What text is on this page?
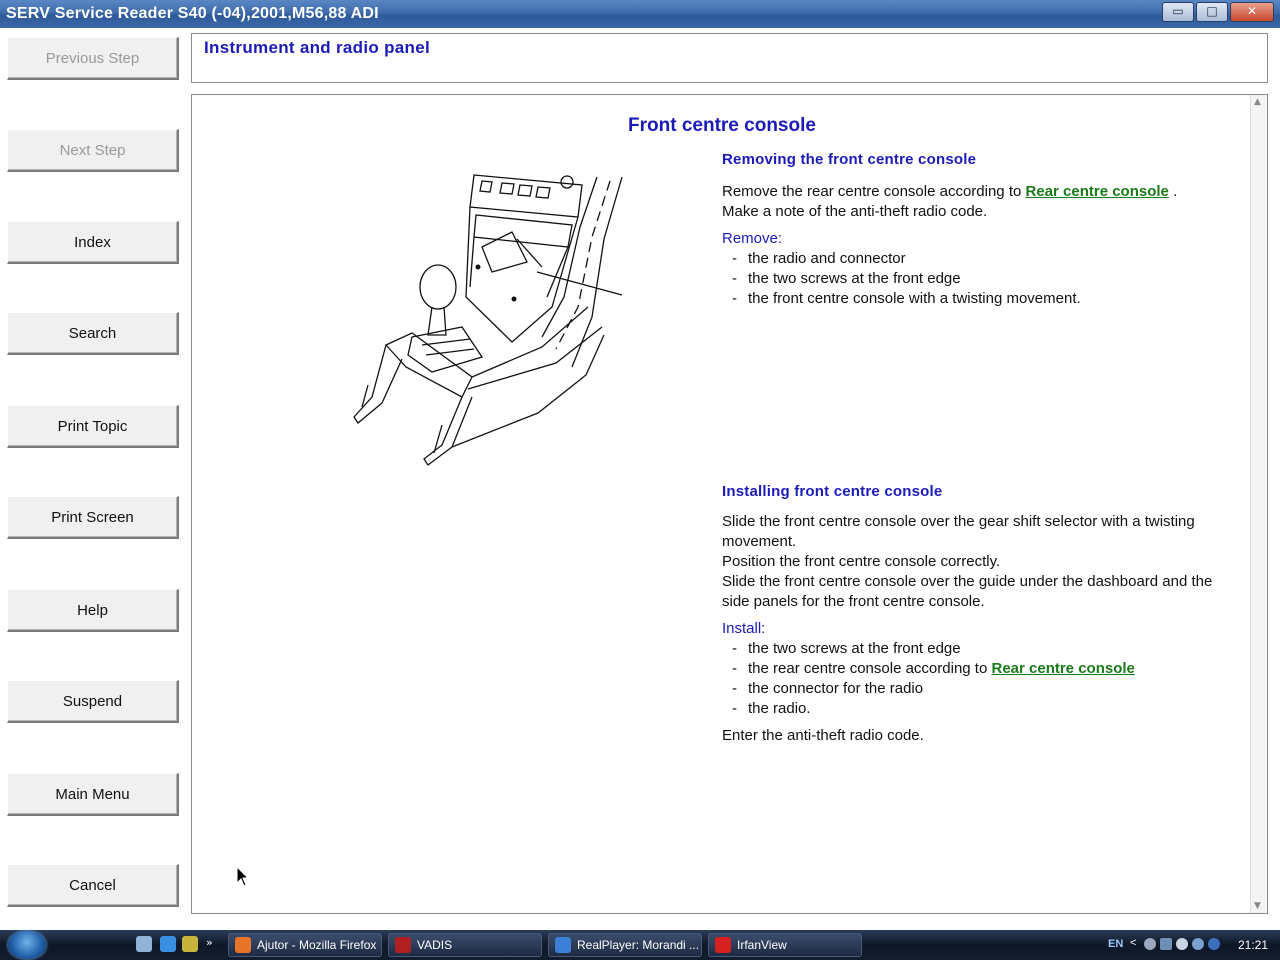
SERV Service Reader S40 (-04),2001,M56,88 ADI	▭	□	✕
Previous Step
Next Step
Index
Search
Print Topic
Print Screen
Help
Suspend
Main Menu
Cancel
Instrument and radio panel
Front centre console
Removing the front centre console
Remove the rear centre console according to Rear centre console .
Make a note of the anti-theft radio code.
Remove:
- the radio and connector
- the two screws at the front edge
- the front centre console with a twisting movement.
Installing front centre console
Slide the front centre console over the gear shift selector with a twisting movement.
Position the front centre console correctly.
Slide the front centre console over the guide under the dashboard and the side panels for the front centre console.
Install:
- the two screws at the front edge
- the rear centre console according to Rear centre console
- the connector for the radio
- the radio.
Enter the anti-theft radio code.
▲
▼
»	Ajutor - Mozilla Firefox	VADIS	RealPlayer: Morandi ...	IrfanView	EN <	21:21
